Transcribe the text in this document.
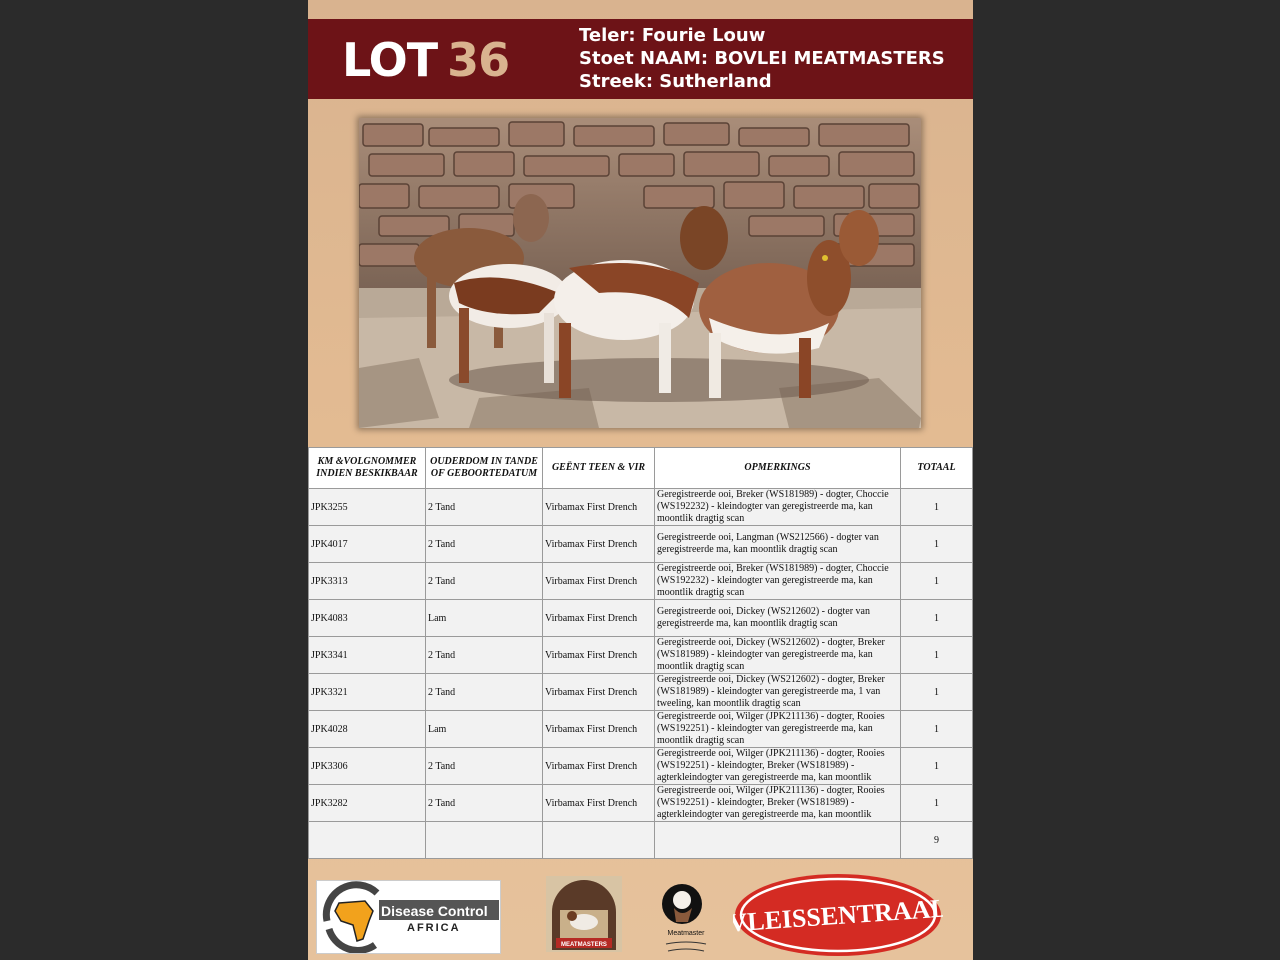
LOT 36	Teler: Fourie Louw
Stoet NAAM: BOVLEI MEATMASTERS
Streek: Sutherland
KM &VOLGNOMMER INDIEN BESKIKBAAR	OUDERDOM IN TANDE OF GEBOORTEDATUM	GEËNT TEEN & VIR	OPMERKINGS	TOTAAL
JPK3255	2 Tand	Virbamax First Drench	Geregistreerde ooi, Breker (WS181989) - dogter, Choccie (WS192232) - kleindogter van geregistreerde ma, kan moontlik dragtig scan	1
JPK4017	2 Tand	Virbamax First Drench	Geregistreerde ooi, Langman (WS212566) - dogter van geregistreerde ma, kan moontlik dragtig scan	1
JPK3313	2 Tand	Virbamax First Drench	Geregistreerde ooi, Breker (WS181989) - dogter, Choccie (WS192232) - kleindogter van geregistreerde ma, kan moontlik dragtig scan	1
JPK4083	Lam	Virbamax First Drench	Geregistreerde ooi, Dickey (WS212602) - dogter van geregistreerde ma, kan moontlik dragtig scan	1
JPK3341	2 Tand	Virbamax First Drench	Geregistreerde ooi, Dickey (WS212602) - dogter, Breker (WS181989) - kleindogter van geregistreerde ma, kan moontlik dragtig scan	1
JPK3321	2 Tand	Virbamax First Drench	Geregistreerde ooi, Dickey (WS212602) - dogter, Breker (WS181989) - kleindogter van geregistreerde ma, 1 van tweeling, kan moontlik dragtig scan	1
JPK4028	Lam	Virbamax First Drench	Geregistreerde ooi, Wilger (JPK211136) - dogter, Rooies (WS192251) - kleindogter van geregistreerde ma, kan moontlik dragtig scan	1
JPK3306	2 Tand	Virbamax First Drench	Geregistreerde ooi, Wilger (JPK211136) - dogter, Rooies (WS192251) - kleindogter, Breker (WS181989) - agterkleindogter van geregistreerde ma, kan moontlik	1
JPK3282	2 Tand	Virbamax First Drench	Geregistreerde ooi, Wilger (JPK211136) - dogter, Rooies (WS192251) - kleindogter, Breker (WS181989) - agterkleindogter van geregistreerde ma, kan moontlik	1
				9
Disease Control
AFRICA
MEATMASTERS
Meatmaster VLEISSENTRAAL
